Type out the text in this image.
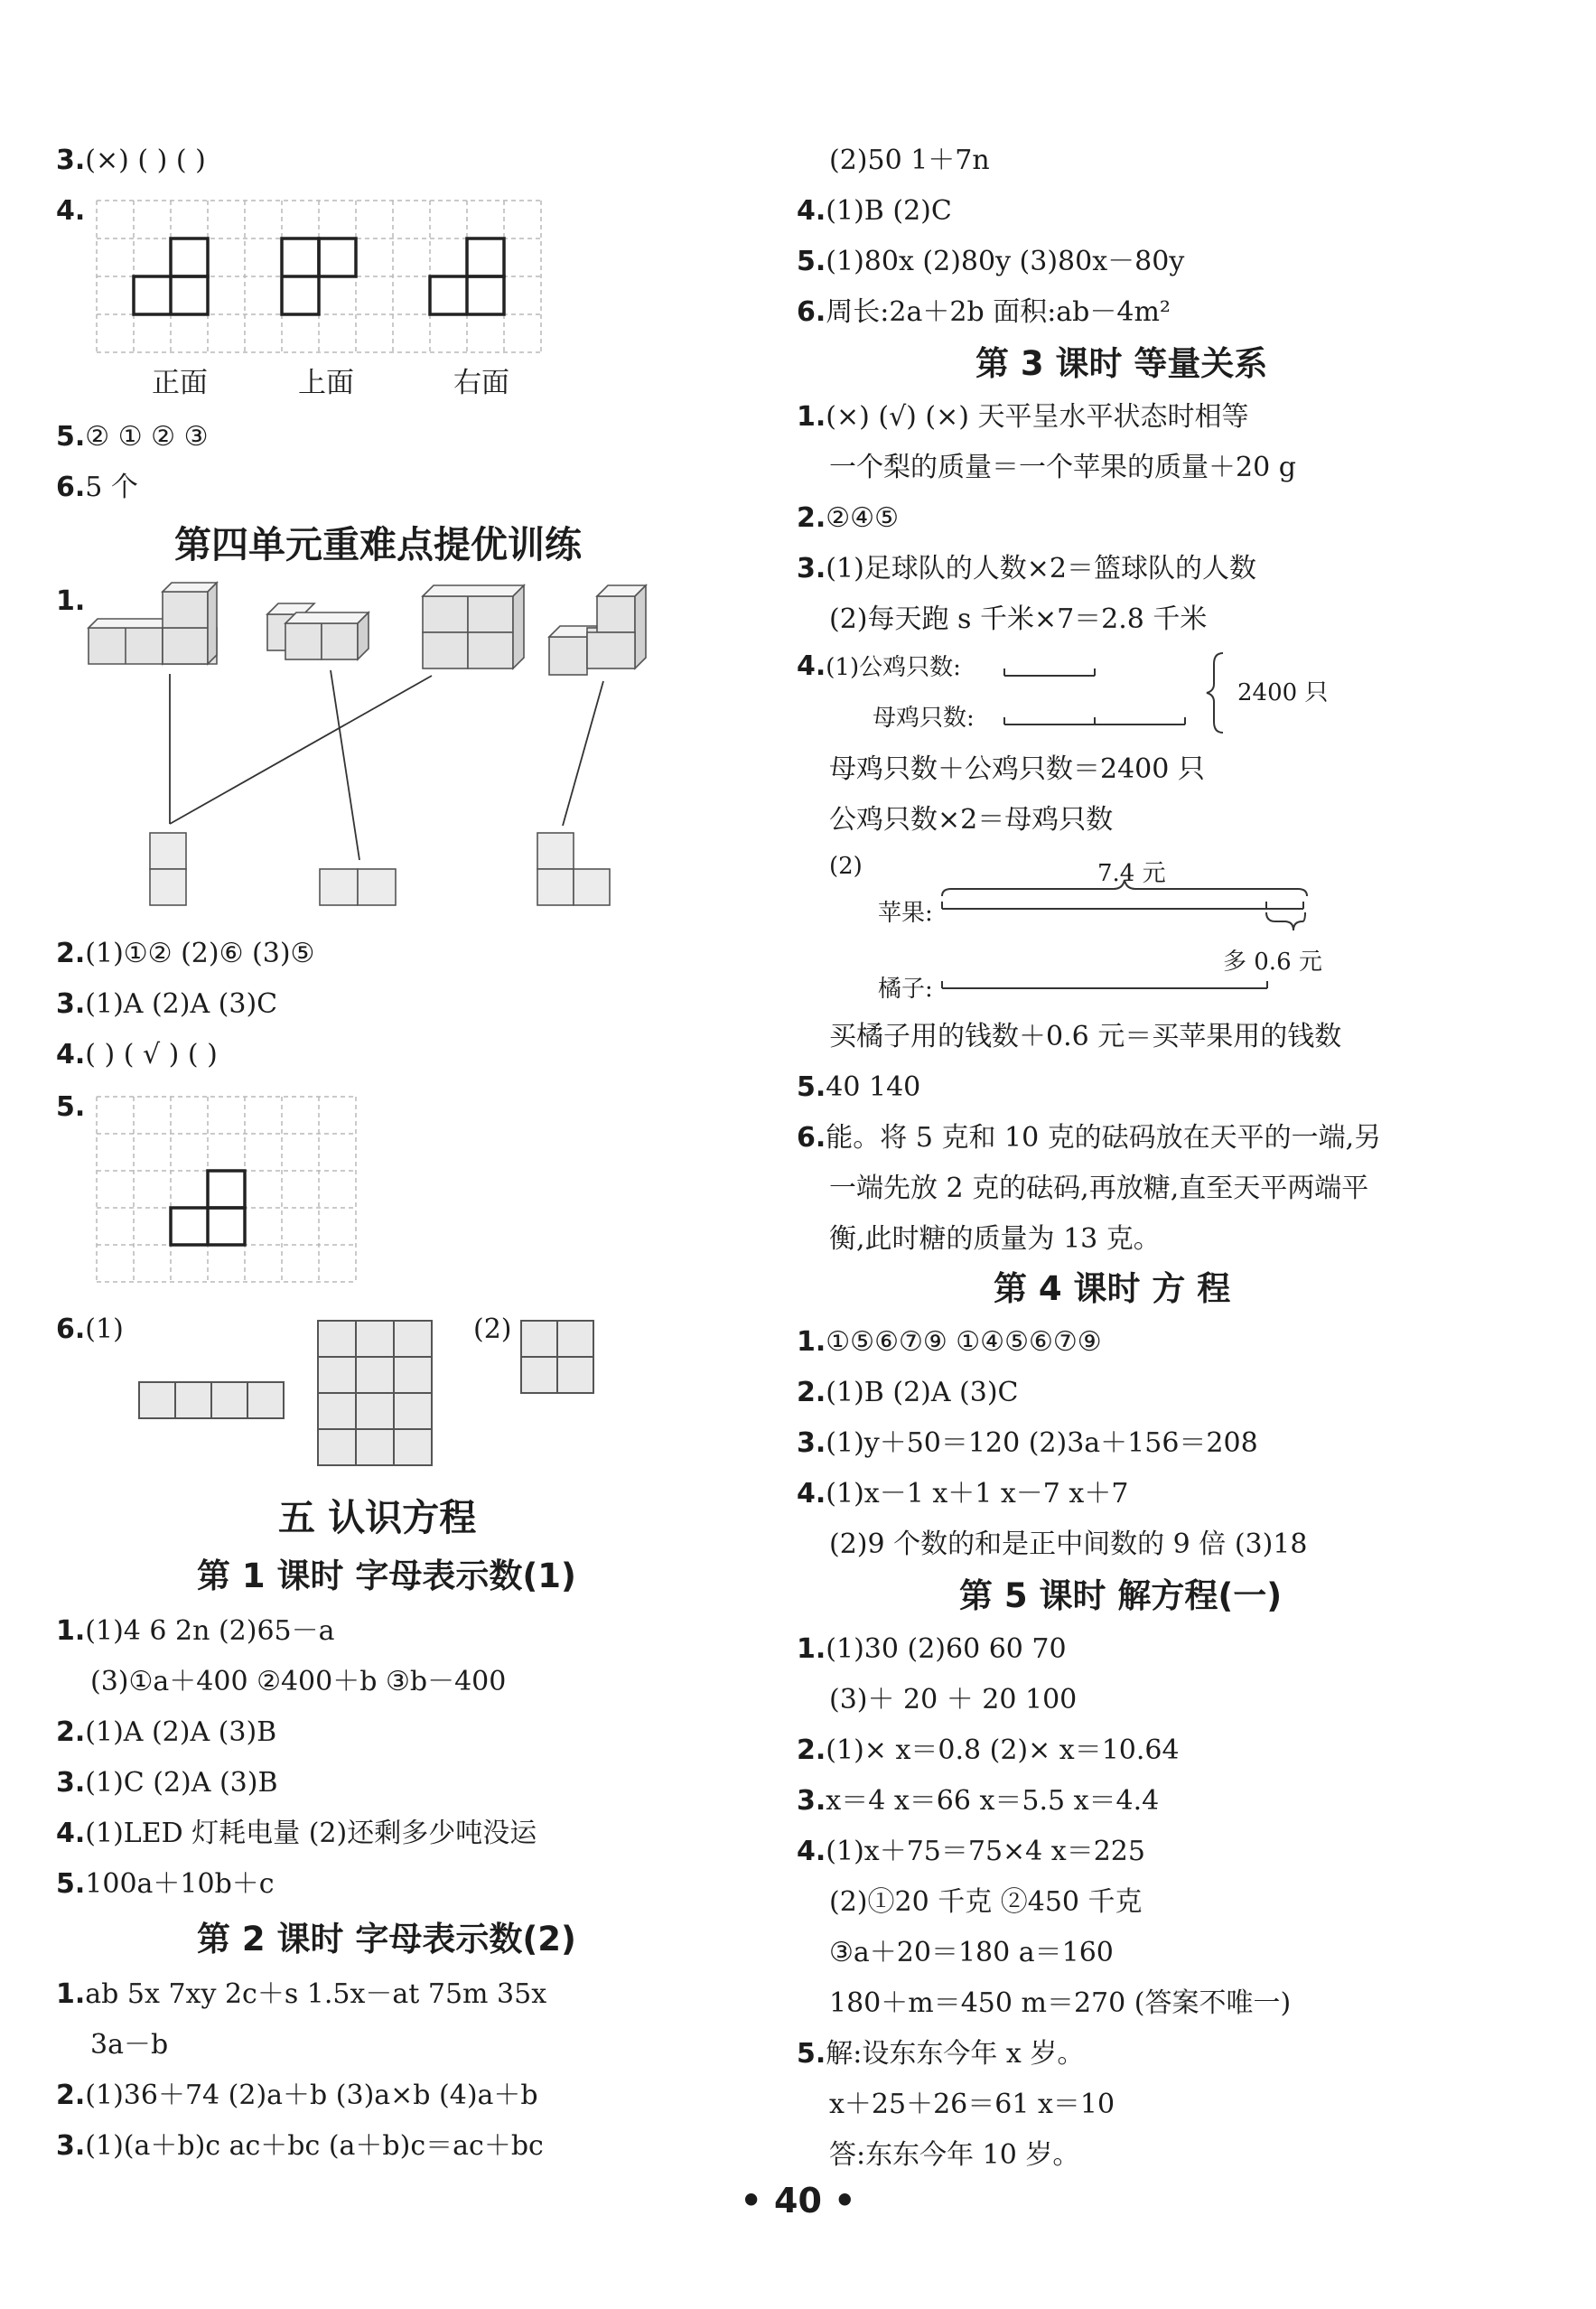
3.(×) ( ) ( )
4.
正面	上面	右面
5.② ① ② ③
6.5 个
第四单元重难点提优训练
1.
2.(1)①② (2)⑥ (3)⑤
3.(1)A (2)A (3)C
4.( ) ( √ ) ( )
5.
6.(1)	(2)
五 认识方程
第 1 课时 字母表示数(1)
1.(1)4 6 2n (2)65－a
(3)①a＋400 ②400＋b ③b－400
2.(1)A (2)A (3)B
3.(1)C (2)A (3)B
4.(1)LED 灯耗电量 (2)还剩多少吨没运
5.100a＋10b＋c
第 2 课时 字母表示数(2)
1.ab 5x 7xy 2c＋s 1.5x－at 75m 35x
3a－b
2.(1)36＋74 (2)a＋b (3)a×b (4)a＋b
3.(1)(a＋b)c ac＋bc (a＋b)c＝ac＋bc
(2)50 1＋7n
4.(1)B (2)C
5.(1)80x (2)80y (3)80x－80y
6.周长:2a＋2b 面积:ab－4m²
第 3 课时 等量关系
1.(×) (√) (×) 天平呈水平状态时相等
一个梨的质量＝一个苹果的质量＋20 g
2.②④⑤
3.(1)足球队的人数×2＝篮球队的人数
(2)每天跑 s 千米×7＝2.8 千米
4.(1)公鸡只数:
母鸡只数:
2400 只
母鸡只数＋公鸡只数＝2400 只
公鸡只数×2＝母鸡只数
(2)	7.4 元
苹果:
多 0.6 元
橘子:
买橘子用的钱数＋0.6 元＝买苹果用的钱数
5.40 140
6.能。将 5 克和 10 克的砝码放在天平的一端,另
一端先放 2 克的砝码,再放糖,直至天平两端平
衡,此时糖的质量为 13 克。
第 4 课时 方 程
1.①⑤⑥⑦⑨ ①④⑤⑥⑦⑨
2.(1)B (2)A (3)C
3.(1)y＋50＝120 (2)3a＋156＝208
4.(1)x－1 x＋1 x－7 x＋7
(2)9 个数的和是正中间数的 9 倍 (3)18
第 5 课时 解方程(一)
1.(1)30 (2)60 60 70
(3)＋ 20 ＋ 20 100
2.(1)× x＝0.8 (2)× x＝10.64
3.x＝4 x＝66 x＝5.5 x＝4.4
4.(1)x＋75＝75×4 x＝225
(2)①20 千克 ②450 千克
③a＋20＝180 a＝160
180＋m＝450 m＝270 (答案不唯一)
5.解:设东东今年 x 岁。
x＋25＋26＝61 x＝10
答:东东今年 10 岁。
• 40 •
